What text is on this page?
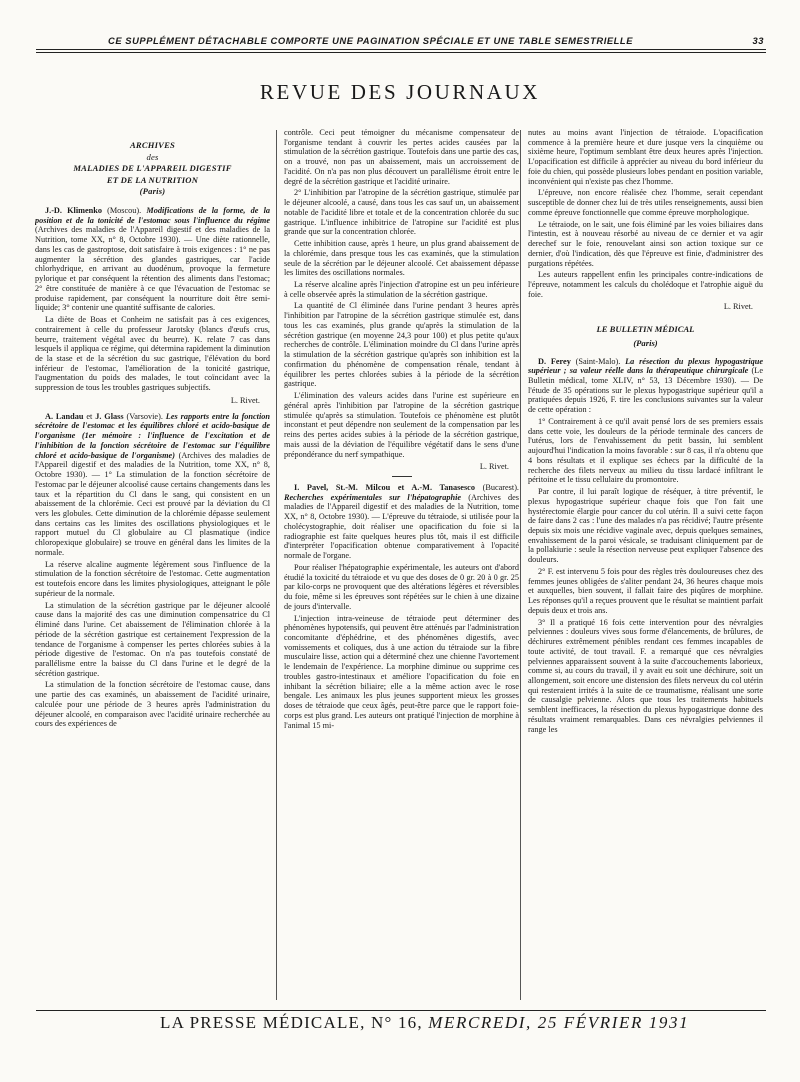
CE SUPPLÉMENT DÉTACHABLE COMPORTE UNE PAGINATION SPÉCIALE ET UNE TABLE SEMESTRIELLE	33
REVUE DES JOURNAUX
ARCHIVES
des
MALADIES DE L'APPAREIL DIGESTIF
ET DE LA NUTRITION
(Paris)

J.-D. Klimenko (Moscou). Modifications de la forme, de la position et de la tonicité de l'estomac sous l'influence du régime (Archives des maladies de l'Appareil digestif et des maladies de la Nutrition, tome XX, n° 8, Octobre 1930). — Une diète rationnelle, dans les cas de gastroptose, doit satisfaire à trois exigences : 1° ne pas augmenter la sécrétion des glandes gastriques, car l'acide chlorhydrique, en arrivant au duodénum, provoque la fermeture pylorique et par conséquent la rétention des aliments dans l'estomac; 2° être constituée de manière à ce que l'évacuation de l'estomac se produise rapidement, par conséquent la nourriture doit être semi-liquide; 3° contenir une quantité suffisante de calories.

La diète de Boas et Conheim ne satisfait pas à ces exigences, contrairement à celle du professeur Jarotsky (blancs d'œufs crus, beurre, traitement végétal avec du beurre). K. relate 7 cas dans lesquels il appliqua ce régime, qui détermina rapidement la diminution de la stase et de la sécrétion du suc gastrique, l'élévation du bord inférieur de l'estomac, l'amélioration de la tonicité gastrique, l'augmentation du poids des malades, le tout coïncidant avec la suppression de tous les troubles gastriques subjectifs.

L. Rivet.

A. Landau et J. Glass (Varsovie). Les rapports entre la fonction sécrétoire de l'estomac et les équilibres chloré et acido-basique de l'organisme (1er mémoire : l'influence de l'excitation et de l'inhibition de la fonction sécrétoire de l'estomac sur l'équilibre chloré et acido-basique de l'organisme) (Archives des maladies de l'Appareil digestif et des maladies de la Nutrition, tome XX, n° 8, Octobre 1930). — 1° La stimulation de la fonction sécrétoire de l'estomac par le déjeuner alcoolisé cause certains changements dans les taux et la répartition du Cl dans le sang, qui consistent en un abaissement de la chlorémie. Ceci est prouvé par la déviation du Cl vers les globules. Cette diminution de la chlorémie dépasse seulement dans certains cas les limites des oscillations physiologiques et le rapport mutuel du Cl globulaire au Cl plasmatique (indice chloropexique globulaire) se trouve en général dans les limites de la normale.

La réserve alcaline augmente légèrement sous l'influence de la stimulation de la fonction sécrétoire de l'estomac. Cette augmentation est toutefois encore dans les limites physiologiques, atteignant le pôle supérieur de la normale.

La stimulation de la sécrétion gastrique par le déjeuner alcoolé cause dans la majorité des cas une diminution compensatrice du Cl éliminé dans l'urine. Cet abaissement de l'élimination chlorée à la période de la sécrétion gastrique est certainement l'expression de la tendance de l'organisme à compenser les pertes chlorées subies à la période digestive de l'estomac. On n'a pas toutefois constaté de parallélisme entre la baisse du Cl dans l'urine et le degré de la sécrétion gastrique.

La stimulation de la fonction sécrétoire de l'estomac cause, dans une partie des cas examinés, un abaissement de l'acidité urinaire, calculée pour une période de 3 heures après l'administration du déjeuner alcoolé, en comparaison avec l'acidité urinaire recherchée au cours des expériences de

contrôle. Ceci peut témoigner du mécanisme compensateur de l'organisme tendant à couvrir les pertes acides causées par la stimulation de la sécrétion gastrique. Toutefois dans une partie des cas, on a trouvé, non pas un abaissement, mais un accroissement de l'acidité. On n'a pas non plus découvert un parallélisme étroit entre le degré de la sécrétion gastrique et l'acidité urinaire.

2° L'inhibition par l'atropine de la sécrétion gastrique, stimulée par le déjeuner alcoolé, a causé, dans tous les cas sauf un, un abaissement notable de l'acidité libre et totale et de la concentration chlorée du suc gastrique. L'influence inhibitrice de l'atropine sur l'acidité est plus grande que sur la concentration chlorée.

Cette inhibition cause, après 1 heure, un plus grand abaissement de la chlorémie, dans presque tous les cas examinés, que la stimulation seule de la sécrétion par le déjeuner alcoolé. Cet abaissement dépasse les limites des oscillations normales.

La réserve alcaline après l'injection d'atropine est un peu inférieure à celle observée après la stimulation de la sécrétion gastrique.

La quantité de Cl éliminée dans l'urine pendant 3 heures après l'inhibition par l'atropine de la sécrétion gastrique stimulée est, dans tous les cas examinés, plus grande qu'après la stimulation de la sécrétion gastrique (en moyenne 24,3 pour 100) et plus petite qu'aux recherches de contrôle. L'élimination moindre du Cl dans l'urine après la stimulation de la sécrétion gastrique qu'après son inhibition est la confirmation du phénomène de compensation rénale, tendant à équilibrer les pertes chlorées subies à la période de la sécrétion gastrique.

L'élimination des valeurs acides dans l'urine est supérieure en général après l'inhibition par l'atropine de la sécrétion gastrique stimulée qu'après sa stimulation. Toutefois ce phénomène est plutôt inconstant et peut dépendre non seulement de la compensation par les reins des pertes acides subies à la période de la sécrétion gastrique, mais aussi de la déviation de l'équilibre végétatif dans le sens d'une prépondérance du nerf sympathique.

L. Rivet.

I. Pavel, St.-M. Milcou et A.-M. Tanasesco (Bucarest). Recherches expérimentales sur l'hépatographie (Archives des maladies de l'Appareil digestif et des maladies de la Nutrition, tome XX, n° 8, Octobre 1930). — L'épreuve du tétraiode, si utilisée pour la cholécystographie, doit réaliser une opacification du foie si la radiographie est faite quelques heures plus tôt, mais il est difficile d'interpréter l'opacification obtenue comparativement à l'opacité normale de l'organe.

Pour réaliser l'hépatographie expérimentale, les auteurs ont d'abord étudié la toxicité du tétraiode et vu que des doses de 0 gr. 20 à 0 gr. 25 par kilo-corps ne provoquent que des altérations légères et réversibles du foie, même si les épreuves sont répétées sur le chien à une dizaine de jours d'intervalle.

L'injection intra-veineuse de tétraiode peut déterminer des phénomènes hypotensifs, qui peuvent être atténués par l'administration concomitante d'éphédrine, et des phénomènes digestifs, avec vomissements et coliques, dus à une action du tétraiode sur la fibre musculaire lisse, action qui a déterminé chez une chienne l'avortement le lendemain de l'expérience. La morphine diminue ou supprime ces troubles gastro-intestinaux et améliore l'opacification du foie en inhibant la sécrétion biliaire; elle a la même action avec le rose bengale. Les animaux les plus jeunes supportent mieux les grosses doses de tétraiode que ceux âgés, peut-être parce que le rapport foie-corps est plus grand. Les auteurs ont pratiqué l'injection de morphine à l'animal 15 mi-

nutes au moins avant l'injection de tétraiode. L'opacification commence à la première heure et dure jusque vers la cinquième ou sixième heure, l'optimum semblant être deux heures après l'injection. L'opacification est difficile à apprécier au niveau du bord inférieur du foie du chien, qui possède plusieurs lobes pendant en position variable, inconvénient qui n'existe pas chez l'homme.

L'épreuve, non encore réalisée chez l'homme, serait cependant susceptible de donner chez lui de très utiles renseignements, aussi bien comme épreuve fonctionnelle que comme épreuve morphologique.

Le tétraiode, on le sait, une fois éliminé par les voies biliaires dans l'intestin, est à nouveau résorbé au niveau de ce dernier et va agir derechef sur le foie, renouvelant ainsi son action toxique sur ce dernier, d'où l'indication, dès que l'épreuve est finie, d'administrer des purgations répétées.

Les auteurs rappellent enfin les principales contre-indications de l'épreuve, notamment les calculs du cholédoque et l'atrophie aiguë du foie.

L. Rivet.

LE BULLETIN MÉDICAL
(Paris)

D. Ferey (Saint-Malo). La résection du plexus hypogastrique supérieur ; sa valeur réelle dans la thérapeutique chirurgicale (Le Bulletin médical, tome XLIV, n° 53, 13 Décembre 1930). — De l'étude de 35 opérations sur le plexus hypogastrique supérieur qu'il a pratiquées depuis 1926, F. tire les conclusions suivantes sur la valeur de cette opération :

1° Contrairement à ce qu'il avait pensé lors de ses premiers essais dans cette voie, les douleurs de la période terminale des cancers de l'utérus, lors de l'envahissement du petit bassin, lui semblent aujourd'hui l'indication la moins favorable : sur 8 cas, il n'a obtenu que 4 bons résultats et il explique ses échecs par la difficulté de la recherche des filets nerveux au milieu du tissu lardacé infiltrant le péritoine et le tissu cellulaire du promontoire.

Par contre, il lui paraît logique de réséquer, à titre préventif, le plexus hypogastrique supérieur chaque fois que l'on fait une hystérectomie élargie pour cancer du col utérin. Il a suivi cette façon de faire dans 2 cas : l'une des malades n'a pas récidivé; l'autre présente depuis six mois une récidive vaginale avec, depuis quelques semaines, envahissement de la paroi vésicale, se traduisant cliniquement par de la pollakiurie : seule la résection nerveuse peut expliquer l'absence des douleurs.

2° F. est intervenu 5 fois pour des règles très douloureuses chez des femmes jeunes obligées de s'aliter pendant 24, 36 heures chaque mois et auxquelles, bien souvent, il fallait faire des piqûres de morphine. Les réponses qu'il a reçues prouvent que le résultat se maintient parfait depuis deux et trois ans.

3° Il a pratiqué 16 fois cette intervention pour des névralgies pelviennes : douleurs vives sous forme d'élancements, de brûlures, de déchirures extrêmement pénibles rendant ces femmes incapables de toute activité, de tout travail. F. a remarqué que ces névralgies pelviennes apparaissent souvent à la suite d'accouchements laborieux, comme si, au cours du travail, il y avait eu soit une déchirure, soit un allongement, soit encore une distension des filets nerveux du col utérin qui resteraient irrités à la suite de ce traumatisme, réalisant une sorte de causalgie pelvienne. Alors que tous les traitements habituels semblent inefficaces, la résection du plexus hypogastrique donne des résultats vraiment remarquables. Dans ces névralgies pelviennes il range les

LA PRESSE MÉDICALE, N° 16, MERCREDI, 25 FÉVRIER 1931
